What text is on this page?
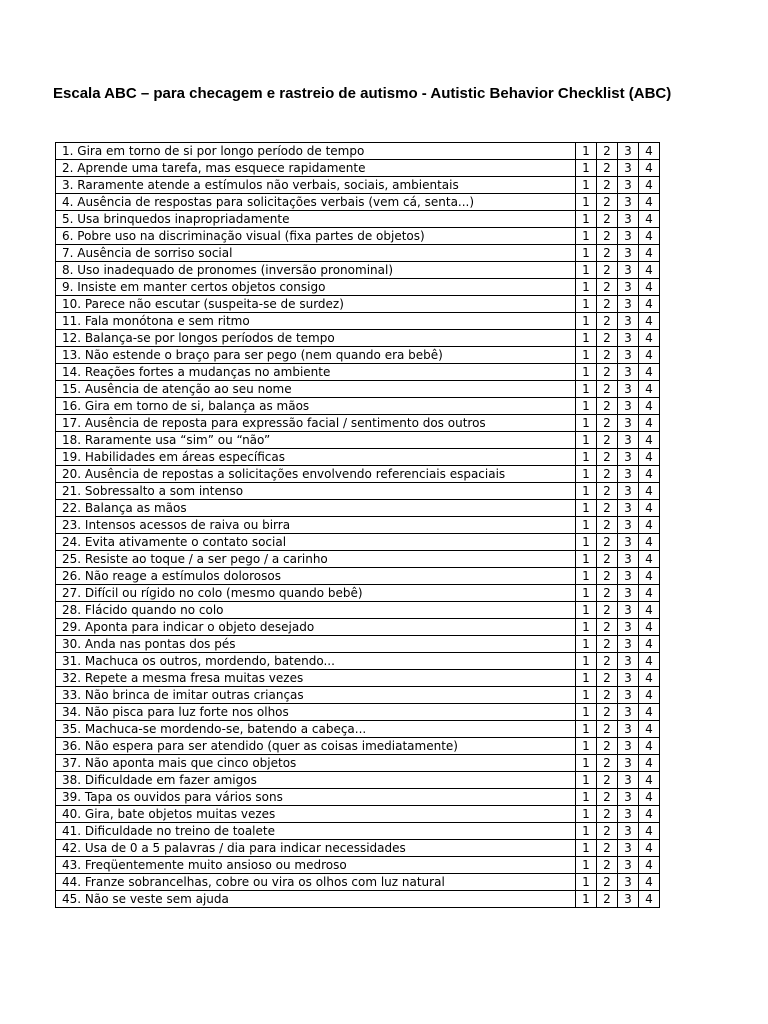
Escala ABC – para checagem e rastreio de autismo - Autistic Behavior Checklist (ABC)
1. Gira em torno de si por longo período de tempo	1	2	3	4
2. Aprende uma tarefa, mas esquece rapidamente	1	2	3	4
3. Raramente atende a estímulos não verbais, sociais, ambientais	1	2	3	4
4. Ausência de respostas para solicitações verbais (vem cá, senta...)	1	2	3	4
5. Usa brinquedos inapropriadamente	1	2	3	4
6. Pobre uso na discriminação visual (fixa partes de objetos)	1	2	3	4
7. Ausência de sorriso social	1	2	3	4
8. Uso inadequado de pronomes (inversão pronominal)	1	2	3	4
9. Insiste em manter certos objetos consigo	1	2	3	4
10. Parece não escutar (suspeita-se de surdez)	1	2	3	4
11. Fala monótona e sem ritmo	1	2	3	4
12. Balança-se por longos períodos de tempo	1	2	3	4
13. Não estende o braço para ser pego (nem quando era bebê)	1	2	3	4
14. Reações fortes a mudanças no ambiente	1	2	3	4
15. Ausência de atenção ao seu nome	1	2	3	4
16. Gira em torno de si, balança as mãos	1	2	3	4
17. Ausência de reposta para expressão facial / sentimento dos outros	1	2	3	4
18. Raramente usa “sim” ou “não”	1	2	3	4
19. Habilidades em áreas específicas	1	2	3	4
20. Ausência de repostas a solicitações envolvendo referenciais espaciais	1	2	3	4
21. Sobressalto a som intenso	1	2	3	4
22. Balança as mãos	1	2	3	4
23. Intensos acessos de raiva ou birra	1	2	3	4
24. Evita ativamente o contato social	1	2	3	4
25. Resiste ao toque / a ser pego / a carinho	1	2	3	4
26. Não reage a estímulos dolorosos	1	2	3	4
27. Difícil ou rígido no colo (mesmo quando bebê)	1	2	3	4
28. Flácido quando no colo	1	2	3	4
29. Aponta para indicar o objeto desejado	1	2	3	4
30. Anda nas pontas dos pés	1	2	3	4
31. Machuca os outros, mordendo, batendo...	1	2	3	4
32. Repete a mesma fresa muitas vezes	1	2	3	4
33. Não brinca de imitar outras crianças	1	2	3	4
34. Não pisca para luz forte nos olhos	1	2	3	4
35. Machuca-se mordendo-se, batendo a cabeça...	1	2	3	4
36. Não espera para ser atendido (quer as coisas imediatamente)	1	2	3	4
37. Não aponta mais que cinco objetos	1	2	3	4
38. Dificuldade em fazer amigos	1	2	3	4
39. Tapa os ouvidos para vários sons	1	2	3	4
40. Gira, bate objetos muitas vezes	1	2	3	4
41. Dificuldade no treino de toalete	1	2	3	4
42. Usa de 0 a 5 palavras / dia para indicar necessidades	1	2	3	4
43. Freqüentemente muito ansioso ou medroso	1	2	3	4
44. Franze sobrancelhas, cobre ou vira os olhos com luz natural	1	2	3	4
45. Não se veste sem ajuda	1	2	3	4
